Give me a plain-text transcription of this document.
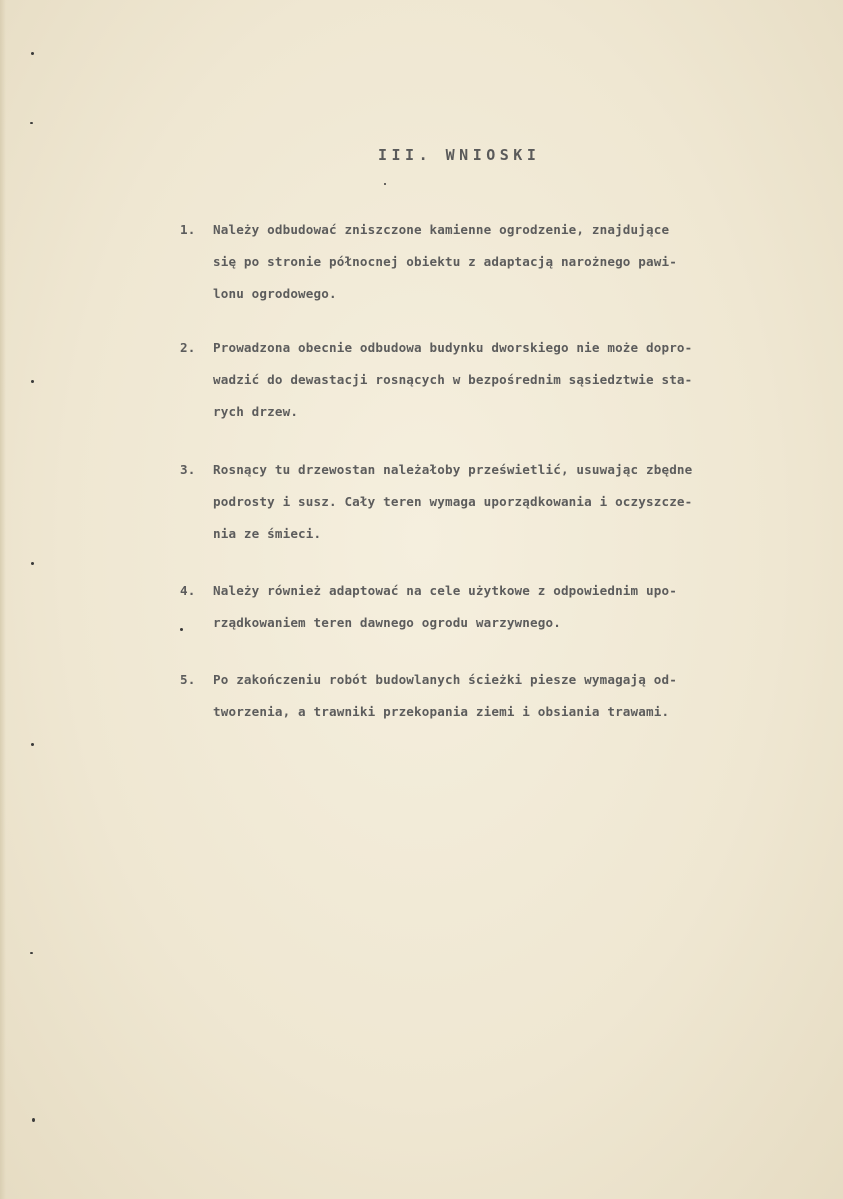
III. WNIOSKI
1. Należy odbudować zniszczone kamienne ogrodzenie, znajdujące
się po stronie północnej obiektu z adaptacją narożnego pawi-
lonu ogrodowego.
2. Prowadzona obecnie odbudowa budynku dworskiego nie może dopro-
wadzić do dewastacji rosnących w bezpośrednim sąsiedztwie sta-
rych drzew.
3. Rosnący tu drzewostan należałoby prześwietlić, usuwając zbędne
podrosty i susz. Cały teren wymaga uporządkowania i oczyszcze-
nia ze śmieci.
4. Należy również adaptować na cele użytkowe z odpowiednim upo-
rządkowaniem teren dawnego ogrodu warzywnego.
5. Po zakończeniu robót budowlanych ścieżki piesze wymagają od-
tworzenia, a trawniki przekopania ziemi i obsiania trawami.
